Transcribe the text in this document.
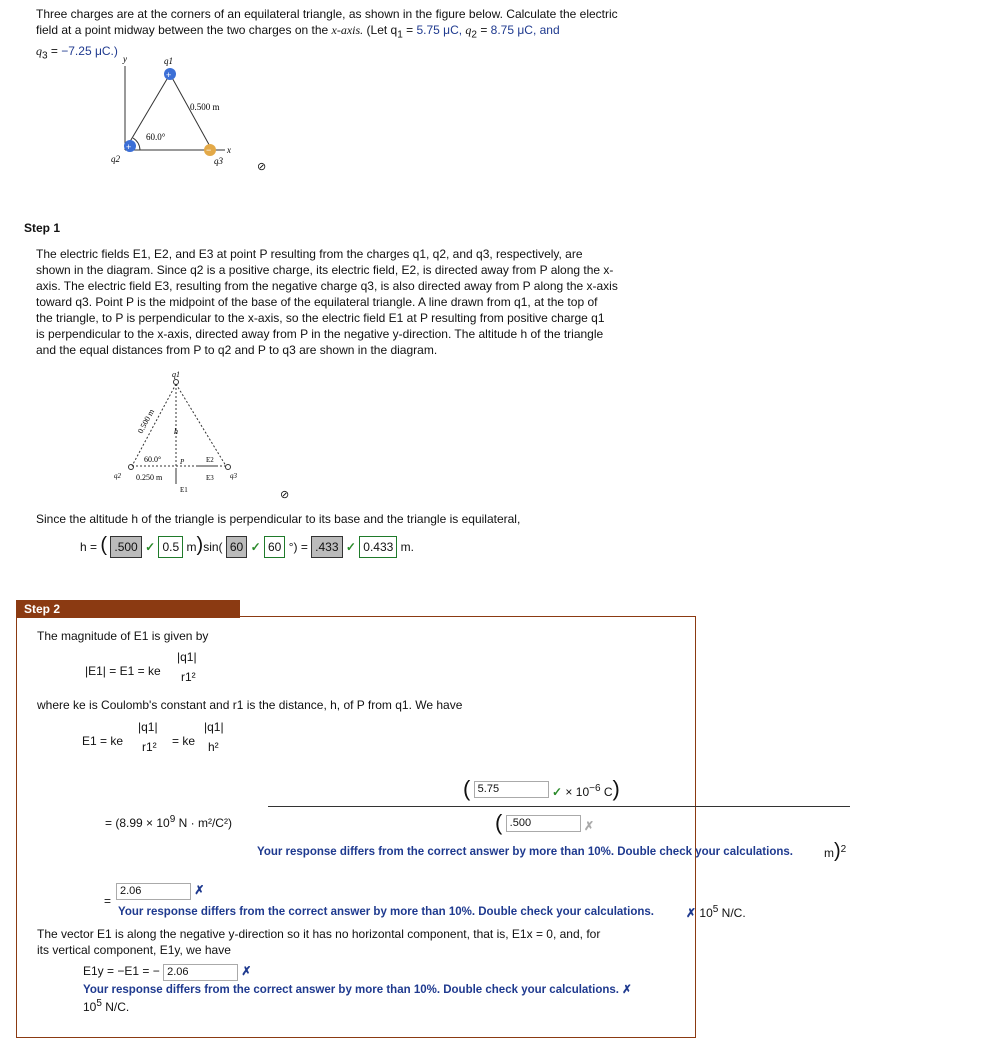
Three charges are at the corners of an equilateral triangle, as shown in the figure below. Calculate the electric
field at a point midway between the two charges on the x-axis. (Let $q_1 = 5.75$ μC, $q_2 = 8.75$ μC, and
$q_3 = -7.25$ μC.)
y
+
+	−
q1
q2	q3
0.500 m
60.0°
x
⊘
Step 1
The electric fields E1, E2, and E3 at point P resulting from the charges q1, q2, and q3, respectively, are
shown in the diagram. Since q2 is a positive charge, its electric field, E2, is directed away from P along the x-
axis. The electric field E3, resulting from the negative charge q3, is also directed away from P along the x-axis
toward q3. Point P is the midpoint of the base of the equilateral triangle. A line drawn from q1, at the top of
the triangle, to P is perpendicular to the x-axis, so the electric field E1 at P resulting from positive charge q1
is perpendicular to the x-axis, directed away from P in the negative y-direction. The altitude h of the triangle
and the equal distances from P to q2 and P to q3 are shown in the diagram.
q1
0.500 m h
60.0°	P	E2
E3
E1
q2	q3
0.250 m
⊘
Since the altitude h of the triangle is perpendicular to its base and the triangle is equilateral,
h = ( .500 ✓ 0.5 m)sin( 60 ✓ 60 °) = .433 ✓ 0.433 m.
Step 2
The magnitude of E1 is given by
|E1| = E1 = ke
|q1|
r1²
where ke is Coulomb's constant and r1 is the distance, h, of P from q1. We have
E1 = ke
|q1|
r1² = ke
|q1|
h²
( 5.75	✓ × $10^{-6}$ C)
= ($8.99 \times 10^9$ N · m²/C²)	( .500	✗
Your response differs from the correct answer by more than 10%. Double check your calculations.	m)$^2$
=
2.06	✗
Your response differs from the correct answer by more than 10%. Double check your calculations.	✗ $10^5$ N/C.
The vector E1 is along the negative y-direction so it has no horizontal component, that is, E1x = 0, and, for
its vertical component, E1y, we have
E1y = −E1 = − 2.06	✗
Your response differs from the correct answer by more than 10%. Double check your calculations. ✗
$10^5$ N/C.
